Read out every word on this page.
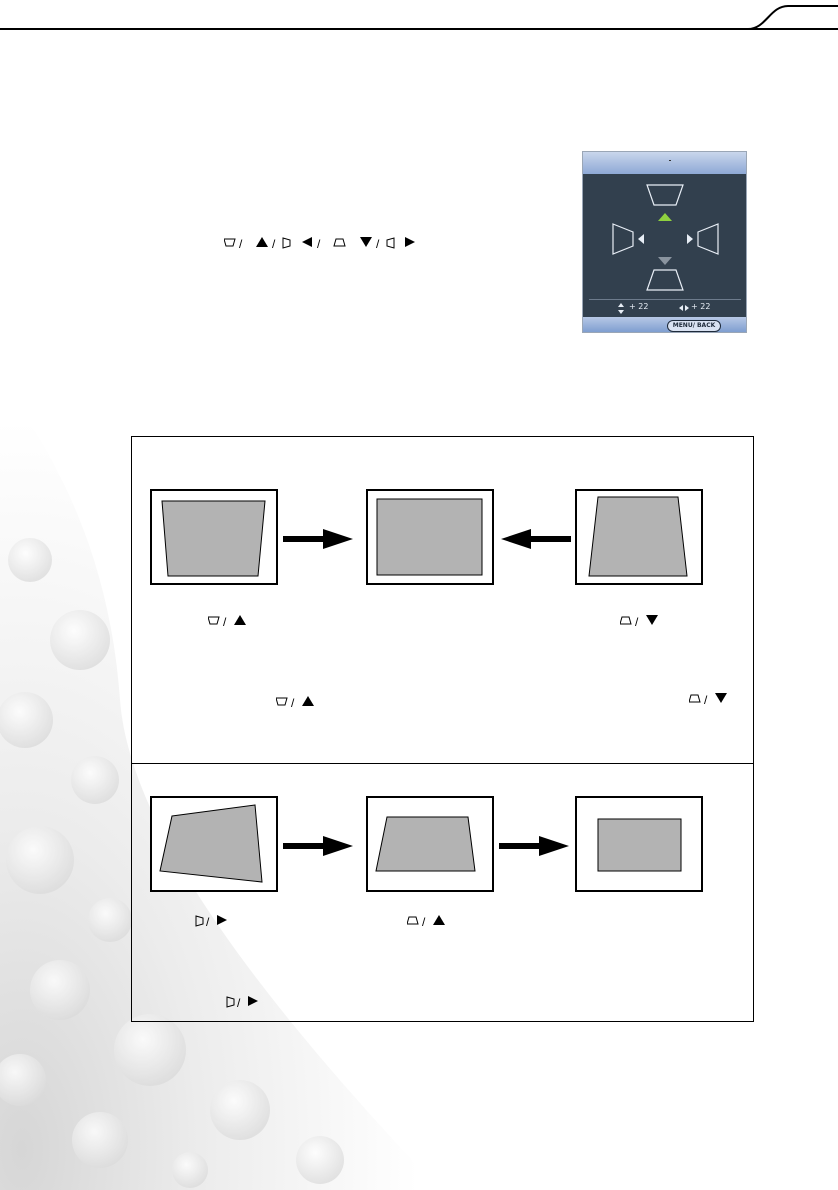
/ /	/	/
+ 22	+ 22
MENU/ BACK
/	/
/	/
/	/
/
